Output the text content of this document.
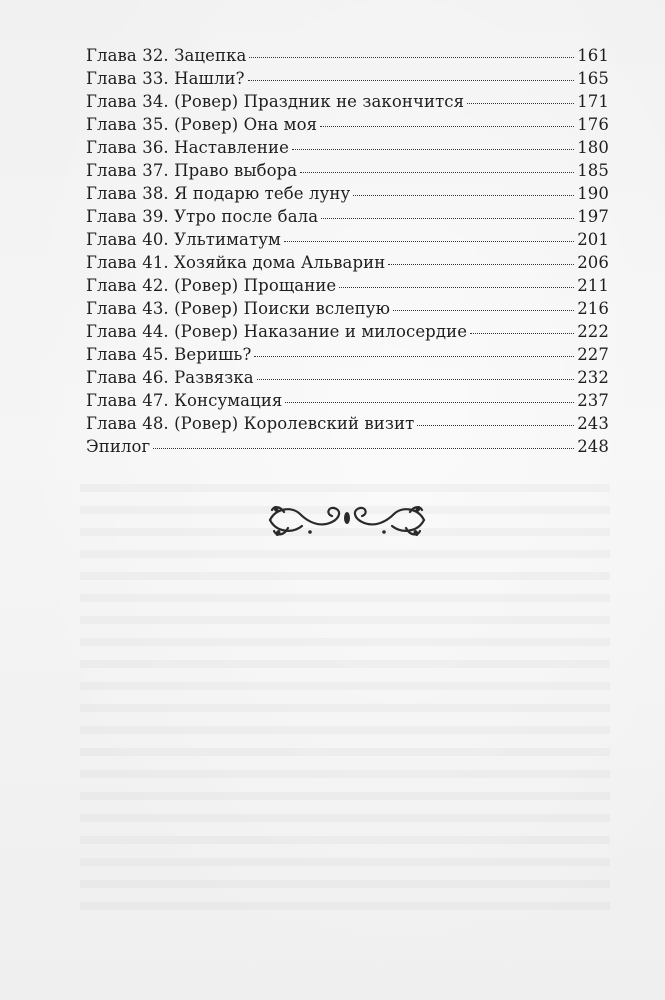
Глава 32. Зацепка	161
Глава 33. Нашли?	165
Глава 34. (Ровер) Праздник не закончится	171
Глава 35. (Ровер) Она моя	176
Глава 36. Наставление	180
Глава 37. Право выбора	185
Глава 38. Я подарю тебе луну	190
Глава 39. Утро после бала	197
Глава 40. Ультиматум	201
Глава 41. Хозяйка дома Альварин	206
Глава 42. (Ровер) Прощание	211
Глава 43. (Ровер) Поиски вслепую	216
Глава 44. (Ровер) Наказание и милосердие	222
Глава 45. Веришь?	227
Глава 46. Развязка	232
Глава 47. Консумация	237
Глава 48. (Ровер) Королевский визит	243
Эпилог	248
